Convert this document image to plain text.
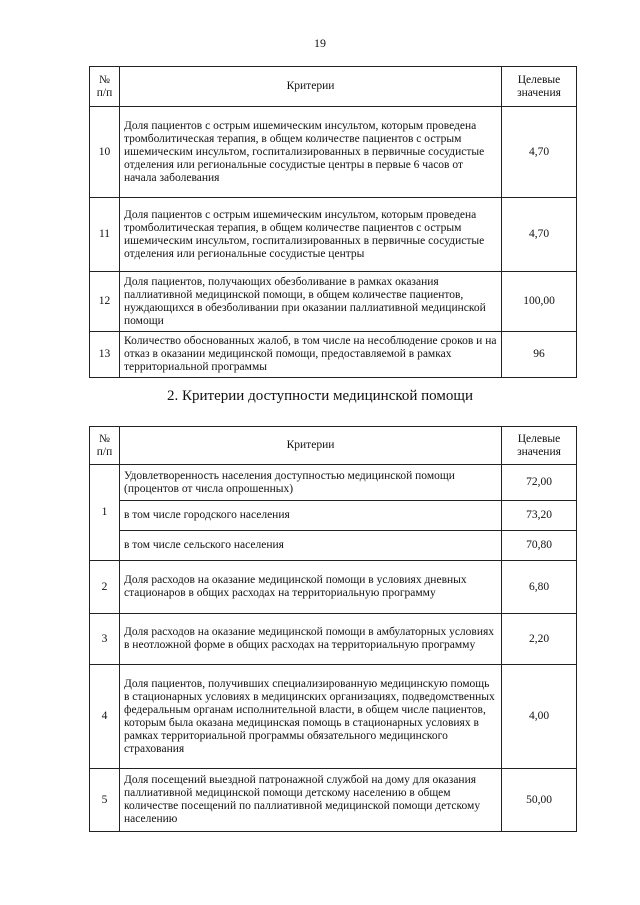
19
№ п/п	Критерии	Целевые значения
10	Доля пациентов с острым ишемическим инсультом, которым проведена тромболитическая терапия, в общем количестве пациентов с острым ишемическим инсультом, госпитализированных в первичные сосудистые отделения или региональные сосудистые центры в первые 6 часов от начала заболевания	4,70
11	Доля пациентов с острым ишемическим инсультом, которым проведена тромболитическая терапия, в общем количестве пациентов с острым ишемическим инсультом, госпитализированных в первичные сосудистые отделения или региональные сосудистые центры	4,70
12	Доля пациентов, получающих обезболивание в рамках оказания паллиативной медицинской помощи, в общем количестве пациентов, нуждающихся в обезболивании при оказании паллиативной медицинской помощи	100,00
13	Количество обоснованных жалоб, в том числе на несоблюдение сроков и на отказ в оказании медицинской помощи, предоставляемой в рамках территориальной программы	96
2. Критерии доступности медицинской помощи
№ п/п	Критерии	Целевые значения
1	Удовлетворенность населения доступностью медицинской помощи (процентов от числа опрошенных)	72,00
	в том числе городского населения	73,20
	в том числе сельского населения	70,80
2	Доля расходов на оказание медицинской помощи в условиях дневных стационаров в общих расходах на территориальную программу	6,80
3	Доля расходов на оказание медицинской помощи в амбулаторных условиях в неотложной форме в общих расходах на территориальную программу	2,20
4	Доля пациентов, получивших специализированную медицинскую помощь в стационарных условиях в медицинских организациях, подведомственных федеральным органам исполнительной власти, в общем числе пациентов, которым была оказана медицинская помощь в стационарных условиях в рамках территориальной программы обязательного медицинского страхования	4,00
5	Доля посещений выездной патронажной службой на дому для оказания паллиативной медицинской помощи детскому населению в общем количестве посещений по паллиативной медицинской помощи детскому населению	50,00
